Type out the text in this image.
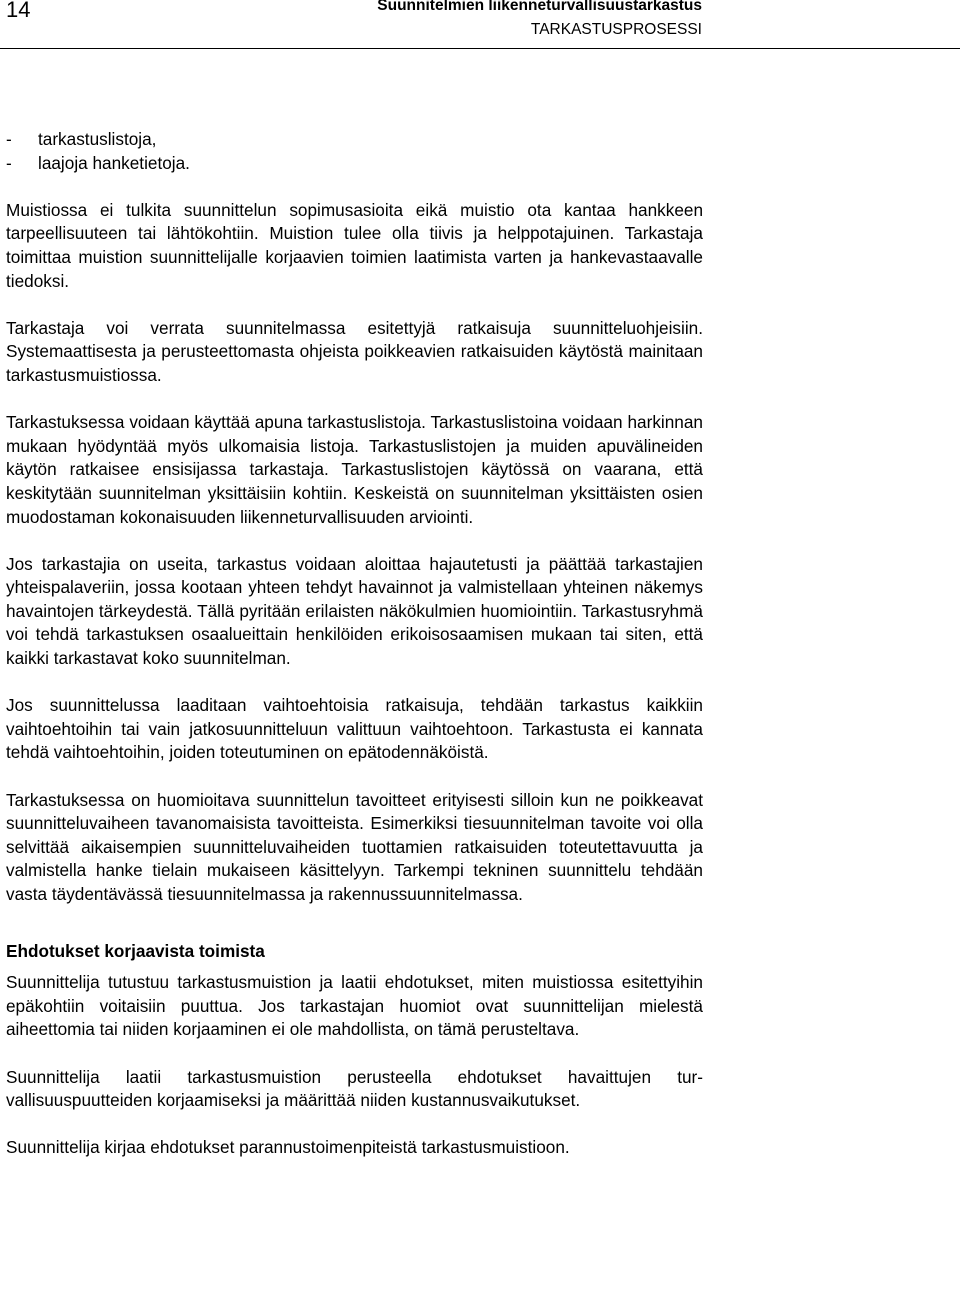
14	Suunnitelmien liikenneturvallisuustarkastus
TARKASTUSPROSESSI
- tarkastuslistoja,
- laajoja hanketietoja.

Muistiossa ei tulkita suunnittelun sopimusasioita eikä muistio ota kantaa hankkeen tarpeellisuuteen tai lähtökohtiin. Muistion tulee olla tiivis ja helppotajuinen. Tarkastaja toimittaa muistion suunnittelijalle korjaavien toimien laatimista varten ja hankevastaavalle tiedoksi.

Tarkastaja voi verrata suunnitelmassa esitettyjä ratkaisuja suunnitteluohjeisiin. Systemaattisesta ja perusteettomasta ohjeista poikkeavien ratkaisuiden käytöstä mainitaan tarkastusmuistiossa.

Tarkastuksessa voidaan käyttää apuna tarkastuslistoja. Tarkastuslistoina voidaan harkinnan mukaan hyödyntää myös ulkomaisia listoja. Tarkastuslistojen ja muiden apuvälineiden käytön ratkaisee ensisijassa tarkastaja. Tarkastuslistojen käytössä on vaarana, että keskitytään suunnitelman yksittäisiin kohtiin. Keskeistä on suunnitelman yksittäisten osien muodostaman kokonaisuuden liikenneturvallisuuden arviointi.

Jos tarkastajia on useita, tarkastus voidaan aloittaa hajautetusti ja päättää tarkastajien yhteispalaveriin, jossa kootaan yhteen tehdyt havainnot ja valmistellaan yhteinen näkemys havaintojen tärkeydestä. Tällä pyritään erilaisten näkökulmien huomiointiin. Tarkastusryhmä voi tehdä tarkastuksen osaalueittain henkilöiden erikoisosaamisen mukaan tai siten, että kaikki tarkastavat koko suunnitelman.

Jos suunnittelussa laaditaan vaihtoehtoisia ratkaisuja, tehdään tarkastus kaikkiin vaihtoehtoihin tai vain jatkosuunnitteluun valittuun vaihtoehtoon. Tarkastusta ei kannata tehdä vaihtoehtoihin, joiden toteutuminen on epätodennäköistä.

Tarkastuksessa on huomioitava suunnittelun tavoitteet erityisesti silloin kun ne poikkeavat suunnitteluvaiheen tavanomaisista tavoitteista. Esimerkiksi tiesuunnitelman tavoite voi olla selvittää aikaisempien suunnitteluvaiheiden tuottamien ratkaisuiden toteutettavuutta ja valmistella hanke tielain mukaiseen käsittelyyn. Tarkempi tekninen suunnittelu tehdään vasta täydentävässä tiesuunnitelmassa ja rakennussuunnitelmassa.

Ehdotukset korjaavista toimista

Suunnittelija tutustuu tarkastusmuistion ja laatii ehdotukset, miten muistiossa esitettyihin epäkohtiin voitaisiin puuttua. Jos tarkastajan huomiot ovat suunnittelijan mielestä aiheettomia tai niiden korjaaminen ei ole mahdollista, on tämä perusteltava.

Suunnittelija laatii tarkastusmuistion perusteella ehdotukset havaittujen turvallisuuspuutteiden korjaamiseksi ja määrittää niiden kustannusvaikutukset.

Suunnittelija kirjaa ehdotukset parannustoimenpiteistä tarkastusmuistioon.
